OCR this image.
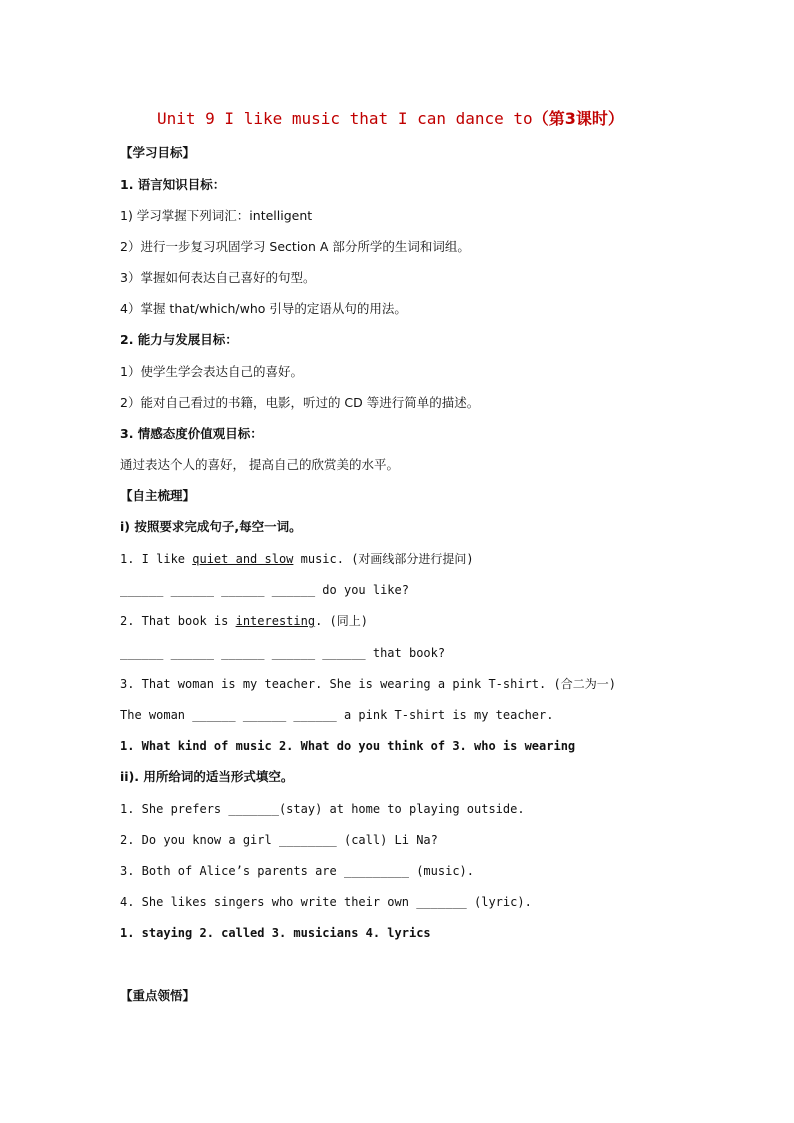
Unit 9 I like music that I can dance to（第3课时）
【学习目标】
1. 语言知识目标：
1) 学习掌握下列词汇：intelligent
2）进行一步复习巩固学习 Section A 部分所学的生词和词组。
3）掌握如何表达自己喜好的句型。
4）掌握 that/which/who 引导的定语从句的用法。
2. 能力与发展目标：
1）使学生学会表达自己的喜好。
2）能对自己看过的书籍，电影，听过的 CD 等进行简单的描述。
3. 情感态度价值观目标：
通过表达个人的喜好， 提高自己的欣赏美的水平。
【自主梳理】
i) 按照要求完成句子,每空一词。
1. I like quiet and slow music. (对画线部分进行提问)
______ ______ ______ ______ do you like?
2. That book is interesting. (同上)
______ ______ ______ ______ ______ that book?
3. That woman is my teacher. She is wearing a pink T-shirt. (合二为一)
The woman ______ ______ ______ a pink T-shirt is my teacher.
1. What kind of music 2. What do you think of 3. who is wearing
ii). 用所给词的适当形式填空。
1. She prefers _______(stay) at home to playing outside.
2. Do you know a girl ________ (call) Li Na?
3. Both of Alice’s parents are _________ (music).
4. She likes singers who write their own _______ (lyric).
1. staying 2. called 3. musicians 4. lyrics
【重点领悟】
